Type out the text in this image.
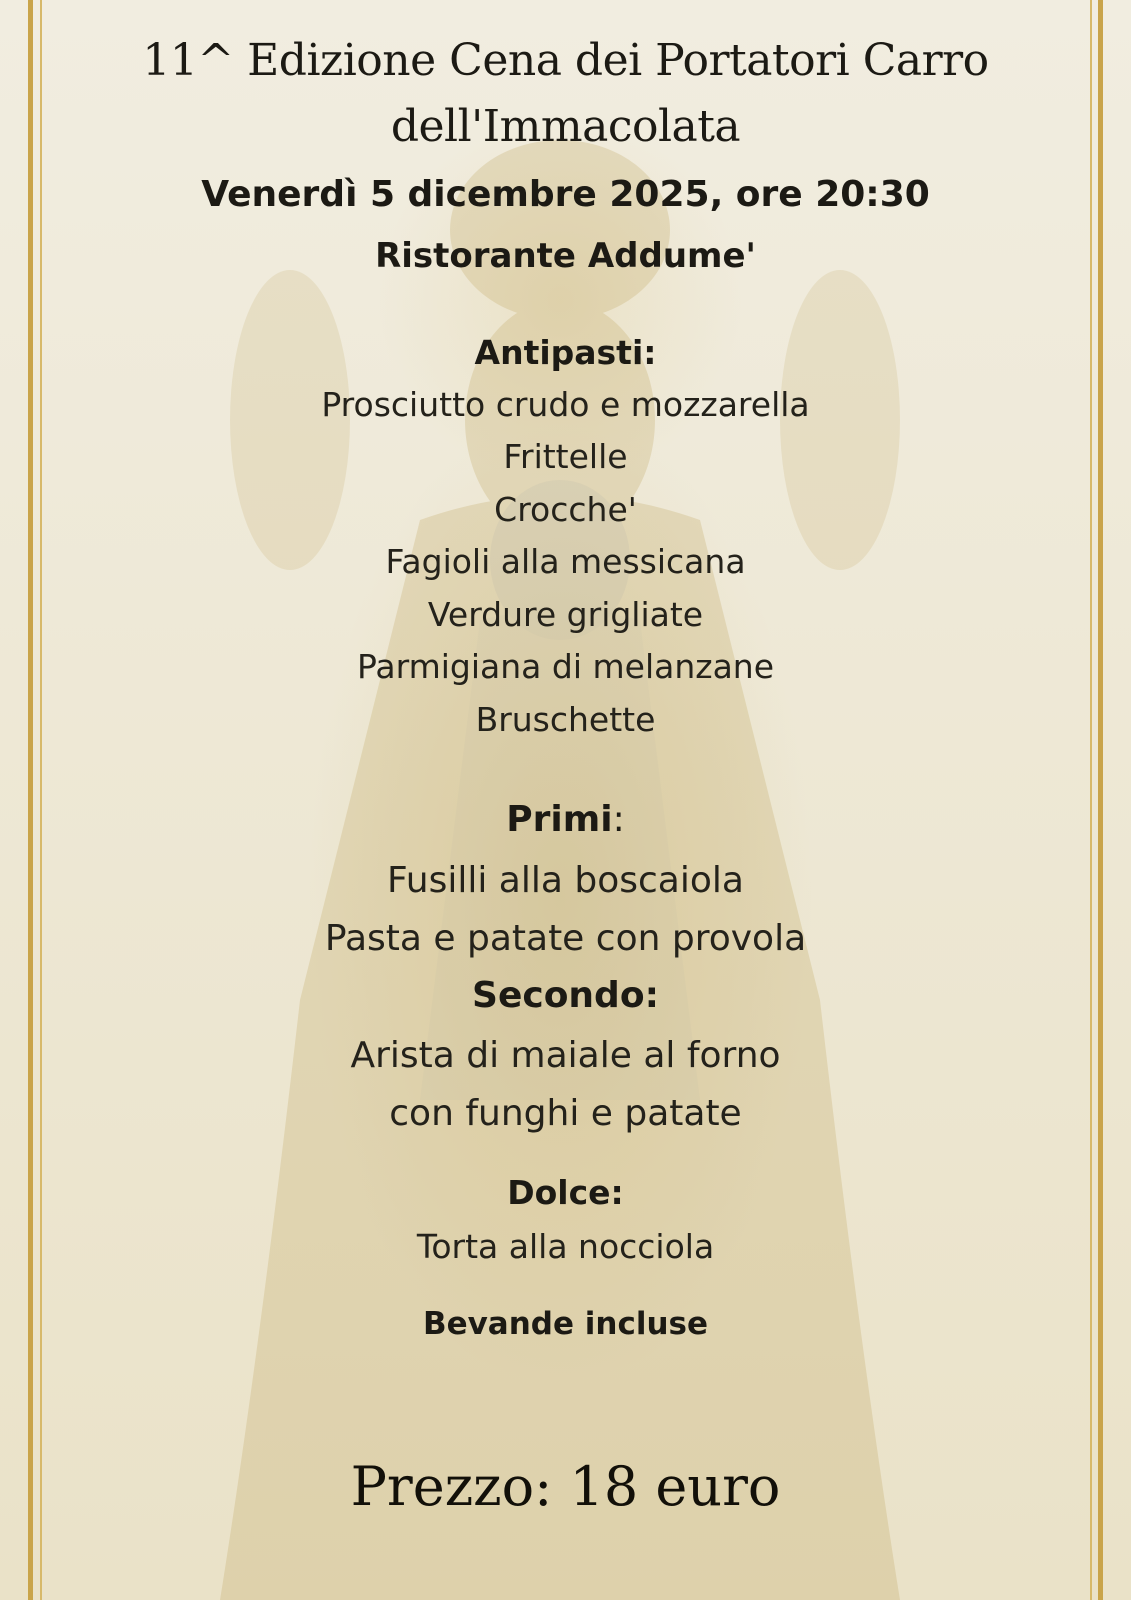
11^ Edizione Cena dei Portatori Carro
dell'Immacolata
Venerdì 5 dicembre 2025, ore 20:30
Ristorante Addume'
Antipasti:
Prosciutto crudo e mozzarella
Frittelle
Crocche'
Fagioli alla messicana
Verdure grigliate
Parmigiana di melanzane
Bruschette
Primi:
Fusilli alla boscaiola
Pasta e patate con provola
Secondo:
Arista di maiale al forno
con funghi e patate
Dolce:
Torta alla nocciola
Bevande incluse
Prezzo: 18 euro
